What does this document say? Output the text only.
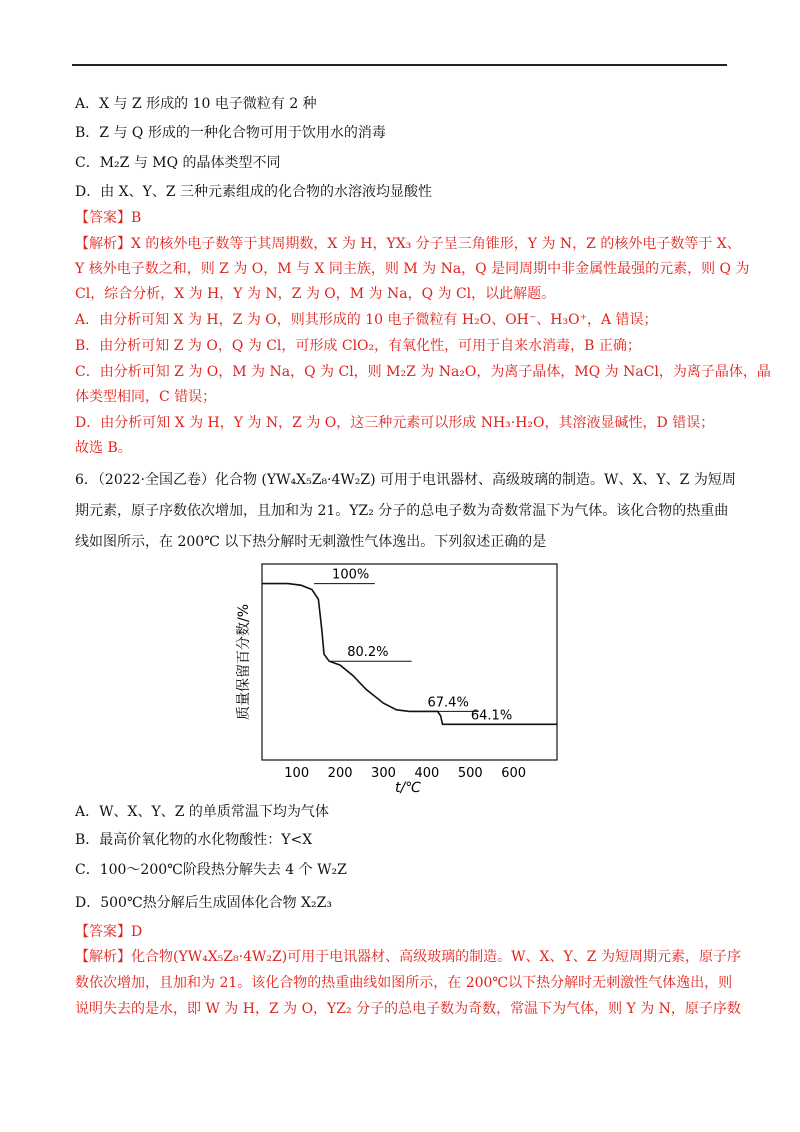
A．X 与 Z 形成的 10 电子微粒有 2 种
B．Z 与 Q 形成的一种化合物可用于饮用水的消毒
C．M₂Z 与 MQ 的晶体类型不同
D．由 X、Y、Z 三种元素组成的化合物的水溶液均显酸性
【答案】B
【解析】X 的核外电子数等于其周期数，X 为 H，YX₃ 分子呈三角锥形，Y 为 N，Z 的核外电子数等于 X、
Y 核外电子数之和，则 Z 为 O，M 与 X 同主族，则 M 为 Na，Q 是同周期中非金属性最强的元素，则 Q 为
Cl，综合分析，X 为 H，Y 为 N，Z 为 O，M 为 Na，Q 为 Cl，以此解题。
A．由分析可知 X 为 H，Z 为 O，则其形成的 10 电子微粒有 H₂O、OH⁻、H₃O⁺，A 错误；
B．由分析可知 Z 为 O，Q 为 Cl，可形成 ClO₂，有氧化性，可用于自来水消毒，B 正确；
C．由分析可知 Z 为 O，M 为 Na，Q 为 Cl，则 M₂Z 为 Na₂O，为离子晶体，MQ 为 NaCl，为离子晶体，晶
体类型相同，C 错误；
D．由分析可知 X 为 H，Y 为 N，Z 为 O，这三种元素可以形成 NH₃·H₂O，其溶液显碱性，D 错误；
故选 B。
6．（2022·全国乙卷）化合物 (YW₄X₅Z₈·4W₂Z) 可用于电讯器材、高级玻璃的制造。W、X、Y、Z 为短周
期元素，原子序数依次增加，且加和为 21。YZ₂ 分子的总电子数为奇数常温下为气体。该化合物的热重曲
线如图所示，在 200℃ 以下热分解时无刺激性气体逸出。下列叙述正确的是
100%
80.2%
67.4%
64.1%
100 200 300 400 500 600
质量保留百分数/%
t/℃
A．W、X、Y、Z 的单质常温下均为气体
B．最高价氧化物的水化物酸性：Y<X
C．100～200℃阶段热分解失去 4 个 W₂Z
D．500℃热分解后生成固体化合物 X₂Z₃
【答案】D
【解析】化合物(YW₄X₅Z₈·4W₂Z)可用于电讯器材、高级玻璃的制造。W、X、Y、Z 为短周期元素，原子序
数依次增加，且加和为 21。该化合物的热重曲线如图所示，在 200℃以下热分解时无刺激性气体逸出，则
说明失去的是水，即 W 为 H，Z 为 O，YZ₂ 分子的总电子数为奇数，常温下为气体，则 Y 为 N，原子序数
